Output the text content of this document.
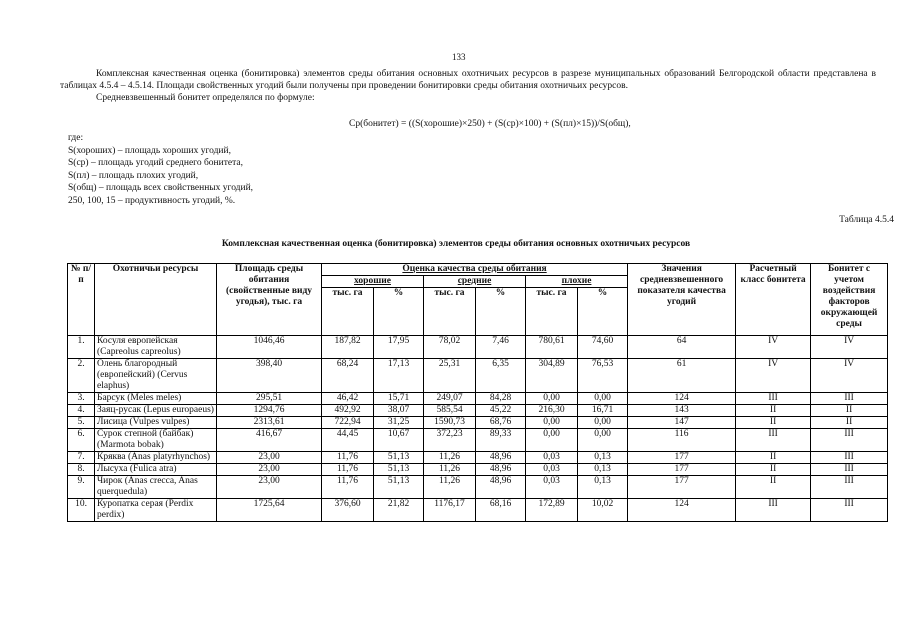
133
Комплексная качественная оценка (бонитировка) элементов среды обитания основных охотничьих ресурсов в разрезе муниципальных образований Белгородской области представлена в таблицах 4.5.4 – 4.5.14. Площади свойственных угодий были получены при проведении бонитировки среды обитания охотничьих ресурсов.
Средневзвешенный бонитет определялся по формуле:
Ср(бонитет) = ((S(хорошие)×250) + (S(ср)×100) + (S(пл)×15))/S(общ),
где:
S(хороших) – площадь хороших угодий,
S(ср) – площадь угодий среднего бонитета,
S(пл) – площадь плохих угодий,
S(общ) – площадь всех свойственных угодий,
250, 100, 15 – продуктивность угодий, %.
Таблица 4.5.4
Комплексная качественная оценка (бонитировка) элементов среды обитания основных охотничьих ресурсов
№ п/п	Охотничьи ресурсы	Площадь среды обитания (свойственные виду угодья), тыс. га	Оценка качества среды обитания						Значения средневзвешенного показателя качества угодий	Расчетный класс бонитета	Бонитет с учетом воздействия факторов окружающей среды
			хорошие		средние		плохие				
			тыс. га	%	тыс. га	%	тыс. га	%			
1.	Косуля европейская (Capreolus capreolus)	1046,46	187,82	17,95	78,02	7,46	780,61	74,60	64	IV	IV
2.	Олень благородный (европейский) (Cervus elaphus)	398,40	68,24	17,13	25,31	6,35	304,89	76,53	61	IV	IV
3.	Барсук (Meles meles)	295,51	46,42	15,71	249,07	84,28	0,00	0,00	124	III	III
4.	Заяц-русак (Lepus europaeus)	1294,76	492,92	38,07	585,54	45,22	216,30	16,71	143	II	II
5.	Лисица (Vulpes vulpes)	2313,61	722,94	31,25	1590,73	68,76	0,00	0,00	147	II	II
6.	Сурок степной (байбак) (Marmota bobak)	416,67	44,45	10,67	372,23	89,33	0,00	0,00	116	III	III
7.	Кряква (Anas platyrhynchos)	23,00	11,76	51,13	11,26	48,96	0,03	0,13	177	II	III
8.	Лысуха (Fulica atra)	23,00	11,76	51,13	11,26	48,96	0,03	0,13	177	II	III
9.	Чирок (Anas crecca, Anas querquedula)	23,00	11,76	51,13	11,26	48,96	0,03	0,13	177	II	III
10.	Куропатка серая (Perdix perdix)	1725,64	376,60	21,82	1176,17	68,16	172,89	10,02	124	III	III
